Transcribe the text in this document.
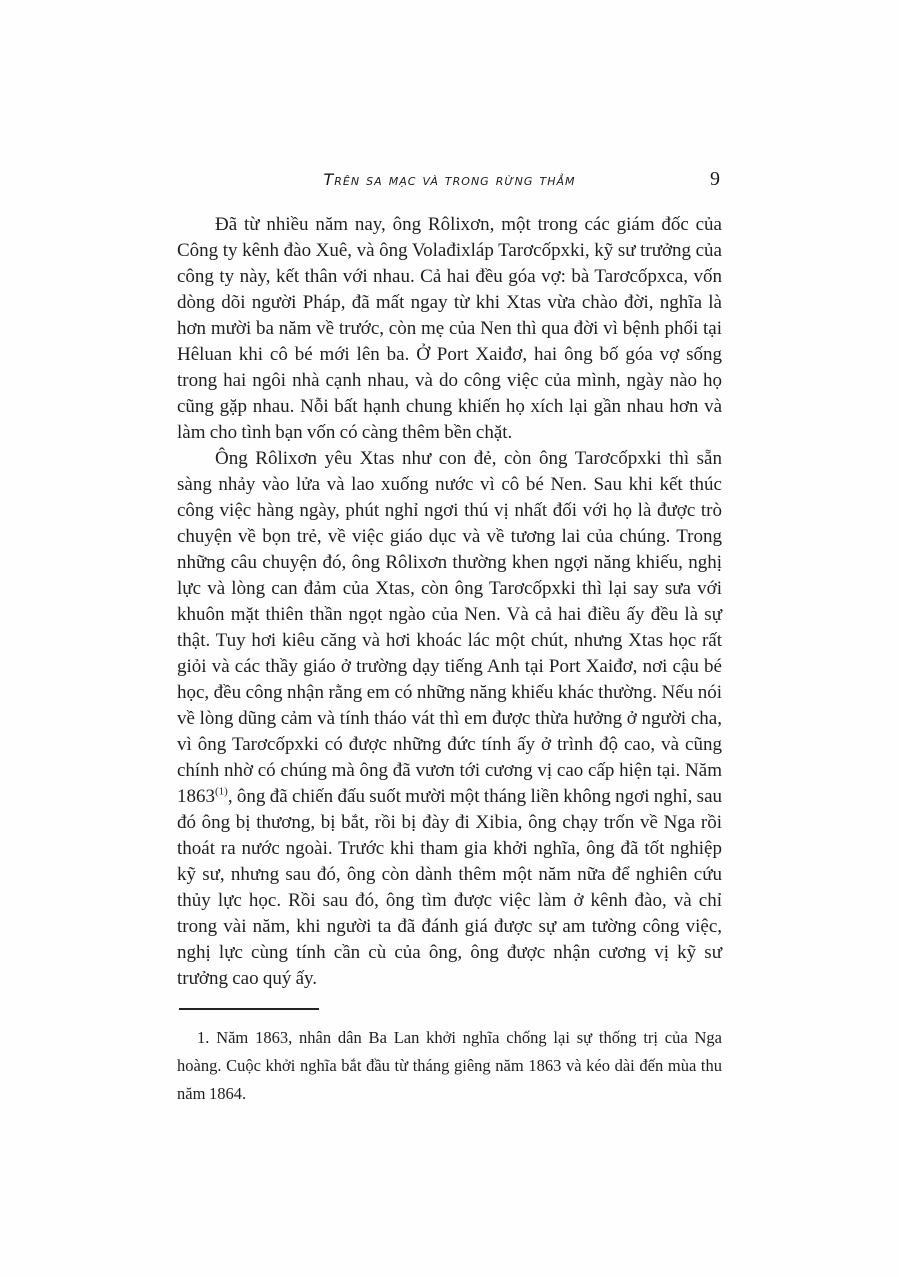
Trên sa mạc và trong rừng thẳm	9

Đã từ nhiều năm nay, ông Rôlixơn, một trong các giám đốc của Công ty kênh đào Xuê, và ông Volađixláp Tarơcốpxki, kỹ sư trưởng của công ty này, kết thân với nhau. Cả hai đều góa vợ: bà Tarơcốpxca, vốn dòng dõi người Pháp, đã mất ngay từ khi Xtas vừa chào đời, nghĩa là hơn mười ba năm về trước, còn mẹ của Nen thì qua đời vì bệnh phổi tại Hêluan khi cô bé mới lên ba. Ở Port Xaiđơ, hai ông bố góa vợ sống trong hai ngôi nhà cạnh nhau, và do công việc của mình, ngày nào họ cũng gặp nhau. Nỗi bất hạnh chung khiến họ xích lại gần nhau hơn và làm cho tình bạn vốn có càng thêm bền chặt.

Ông Rôlixơn yêu Xtas như con đẻ, còn ông Tarơcốpxki thì sẵn sàng nhảy vào lửa và lao xuống nước vì cô bé Nen. Sau khi kết thúc công việc hàng ngày, phút nghỉ ngơi thú vị nhất đối với họ là được trò chuyện về bọn trẻ, về việc giáo dục và về tương lai của chúng. Trong những câu chuyện đó, ông Rôlixơn thường khen ngợi năng khiếu, nghị lực và lòng can đảm của Xtas, còn ông Tarơcốpxki thì lại say sưa với khuôn mặt thiên thần ngọt ngào của Nen. Và cả hai điều ấy đều là sự thật. Tuy hơi kiêu căng và hơi khoác lác một chút, nhưng Xtas học rất giỏi và các thầy giáo ở trường dạy tiếng Anh tại Port Xaiđơ, nơi cậu bé học, đều công nhận rằng em có những năng khiếu khác thường. Nếu nói về lòng dũng cảm và tính tháo vát thì em được thừa hưởng ở người cha, vì ông Tarơcốpxki có được những đức tính ấy ở trình độ cao, và cũng chính nhờ có chúng mà ông đã vươn tới cương vị cao cấp hiện tại. Năm 1863$^{(1)}$, ông đã chiến đấu suốt mười một tháng liền không ngơi nghỉ, sau đó ông bị thương, bị bắt, rồi bị đày đi Xibia, ông chạy trốn về Nga rồi thoát ra nước ngoài. Trước khi tham gia khởi nghĩa, ông đã tốt nghiệp kỹ sư, nhưng sau đó, ông còn dành thêm một năm nữa để nghiên cứu thủy lực học. Rồi sau đó, ông tìm được việc làm ở kênh đào, và chỉ trong vài năm, khi người ta đã đánh giá được sự am tường công việc, nghị lực cùng tính cần cù của ông, ông được nhận cương vị kỹ sư trưởng cao quý ấy.

1. Năm 1863, nhân dân Ba Lan khởi nghĩa chống lại sự thống trị của Nga hoàng. Cuộc khởi nghĩa bắt đầu từ tháng giêng năm 1863 và kéo dài đến mùa thu năm 1864.
